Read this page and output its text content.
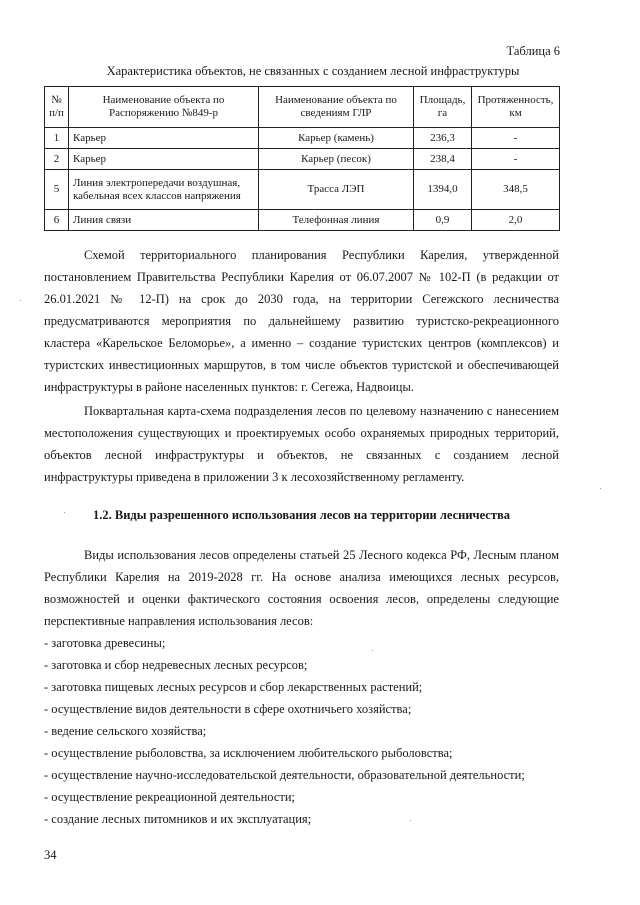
Таблица 6
Характеристика объектов, не связанных с созданием лесной инфраструктуры
№ п/п	Наименование объекта по Распоряжению №849-р	Наименование объекта по сведениям ГЛР	Площадь, га	Протяженность, км
1	Карьер	Карьер (камень)	236,3	-
2	Карьер	Карьер (песок)	238,4	-
5	Линия электропередачи воздушная, кабельная всех классов напряжения	Трасса ЛЭП	1394,0	348,5
6	Линия связи	Телефонная линия	0,9	2,0

Схемой территориального планирования Республики Карелия, утвержденной постановлением Правительства Республики Карелия от 06.07.2007 № 102-П (в редакции от 26.01.2021 № 12-П) на срок до 2030 года, на территории Сегежского лесничества предусматриваются мероприятия по дальнейшему развитию туристско-рекреационного кластера «Карельское Беломорье», а именно – создание туристских центров (комплексов) и туристских инвестиционных маршрутов, в том числе объектов туристской и обеспечивающей инфраструктуры в районе населенных пунктов: г. Сегежа, Надвоицы.

Поквартальная карта-схема подразделения лесов по целевому назначению с нанесением местоположения существующих и проектируемых особо охраняемых природных территорий, объектов лесной инфраструктуры и объектов, не связанных с созданием лесной инфраструктуры приведена в приложении 3 к лесохозяйственному регламенту.

1.2. Виды разрешенного использования лесов на территории лесничества

Виды использования лесов определены статьей 25 Лесного кодекса РФ, Лесным планом Республики Карелия на 2019-2028 гг. На основе анализа имеющихся лесных ресурсов, возможностей и оценки фактического состояния освоения лесов, определены следующие перспективные направления использования лесов:

- заготовка древесины;
- заготовка и сбор недревесных лесных ресурсов;
- заготовка пищевых лесных ресурсов и сбор лекарственных растений;
- осуществление видов деятельности в сфере охотничьего хозяйства;
- ведение сельского хозяйства;
- осуществление рыболовства, за исключением любительского рыболовства;
- осуществление научно-исследовательской деятельности, образовательной деятельности;
- осуществление рекреационной деятельности;
- создание лесных питомников и их эксплуатация;
34
